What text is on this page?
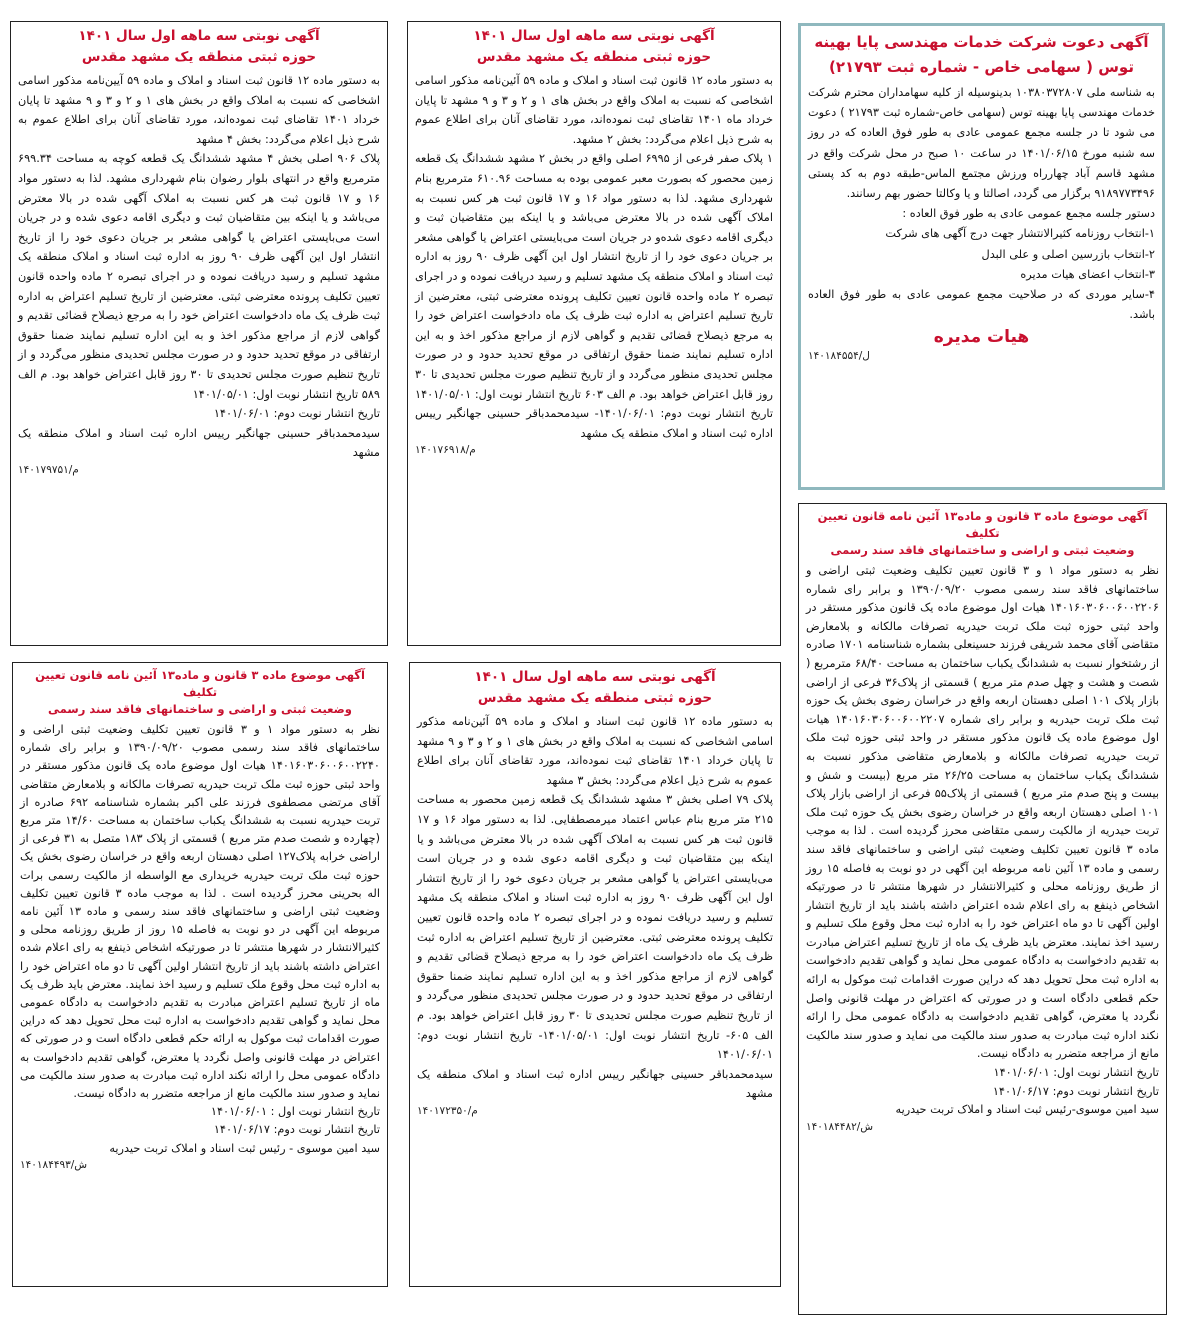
آگهی دعوت شرکت خدمات مهندسی پایا بهینه
توس ( سهامی خاص - شماره ثبت ۲۱۷۹۳)

به شناسه ملی ۱۰۳۸۰۳۷۲۸۰۷ بدینوسیله از کلیه سهامداران محترم شرکت خدمات مهندسی پایا بهینه توس (سهامی خاص-شماره ثبت ۲۱۷۹۳ ) دعوت می شود تا در جلسه مجمع عمومی عادی به طور فوق العاده که در روز سه شنبه مورخ ۱۴۰۱/۰۶/۱۵ در ساعت ۱۰ صبح در محل شرکت واقع در مشهد قاسم آباد چهارراه ورزش مجتمع الماس-طبقه دوم به کد پستی ۹۱۸۹۷۷۳۴۹۶ برگزار می گردد، اصالتا و یا وکالتا حضور بهم رسانند.

دستور جلسه مجمع عمومی عادی به طور فوق العاده :

۱-انتخاب روزنامه کثیرالانتشار جهت درج آگهی های شرکت

۲-انتخاب بازرسین اصلی و علی البدل

۳-انتخاب اعضای هیات مدیره

۴-سایر موردی که در صلاحیت مجمع عمومی عادی به طور فوق العاده باشد.

هیات مدیره
۱۴۰۱۸۴۵۵۴/ل
آگهی نوبتی سه ماهه اول سال ۱۴۰۱
حوزه ثبتی منطقه یک مشهد مقدس

به دستور ماده ۱۲ قانون ثبت اسناد و املاک و ماده ۵۹ آئین‌نامه مذکور اسامی اشخاصی که نسبت به املاک واقع در بخش های ۱ و ۲ و ۳ و ۹ مشهد تا پایان خرداد ماه ۱۴۰۱ تقاضای ثبت نموده‌اند، مورد تقاضای آنان برای اطلاع عموم به شرح ذیل اعلام می‌گردد: بخش ۲ مشهد.

۱ پلاک صفر فرعی از ۶۹۹۵ اصلی واقع در بخش ۲ مشهد ششدانگ یک قطعه زمین محصور که بصورت معبر عمومی بوده به مساحت ۶۱۰.۹۶ مترمربع بنام شهرداری مشهد. لذا به دستور مواد ۱۶ و ۱۷ قانون ثبت هر کس نسبت به املاک آگهی شده در بالا معترض می‌باشد و یا اینکه بین متقاضیان ثبت و دیگری اقامه دعوی شده‌و در جریان است می‌بایستی اعتراض یا گواهی مشعر بر جریان دعوی خود را از تاریخ انتشار اول این آگهی ظرف ۹۰ روز به اداره ثبت اسناد و املاک منطقه یک مشهد تسلیم و رسید دریافت نموده و در اجرای تبصره ۲ ماده واحده قانون تعیین تکلیف پرونده معترضی ثبتی، معترضین از تاریخ تسلیم اعتراض به اداره ثبت ظرف یک ماه دادخواست اعتراض خود را به مرجع ذیصلاح قضائی تقدیم و گواهی لازم از مراجع مذکور اخذ و به این اداره تسلیم نمایند ضمنا حقوق ارتفاقی در موقع تحدید حدود و در صورت مجلس تحدیدی منظور می‌گردد و از تاریخ تنظیم صورت مجلس تحدیدی تا ۳۰ روز قابل اعتراض خواهد بود. م الف ۶۰۳ تاریخ انتشار نوبت اول: ۱۴۰۱/۰۵/۰۱ تاریخ انتشار نوبت دوم: ۱۴۰۱/۰۶/۰۱- سیدمحمدباقر حسینی جهانگیر رییس اداره ثبت اسناد و املاک منطقه یک مشهد

۱۴۰۱۷۶۹۱۸/م
آگهی نوبتی سه ماهه اول سال ۱۴۰۱
حوزه ثبتی منطقه یک مشهد مقدس

به دستور ماده ۱۲ قانون ثبت اسناد و املاک و ماده ۵۹ آیین‌نامه مذکور اسامی اشخاصی که نسبت به املاک واقع در بخش های ۱ و ۲ و ۳ و ۹ مشهد تا پایان خرداد ۱۴۰۱ تقاضای ثبت نموده‌اند، مورد تقاضای آنان برای اطلاع عموم به شرح ذیل اعلام می‌گردد: بخش ۴ مشهد

پلاک ۹۰۶ اصلی بخش ۴ مشهد ششدانگ یک قطعه کوچه به مساحت ۶۹۹.۳۴ مترمربع واقع در انتهای بلوار رضوان بنام شهرداری مشهد. لذا به دستور مواد ۱۶ و ۱۷ قانون ثبت هر کس نسبت به املاک آگهی شده در بالا معترض می‌باشد و یا اینکه بین متقاضیان ثبت و دیگری اقامه دعوی شده و در جریان است می‌بایستی اعتراض یا گواهی مشعر بر جریان دعوی خود را از تاریخ انتشار اول این آگهی ظرف ۹۰ روز به اداره ثبت اسناد و املاک منطقه یک مشهد تسلیم و رسید دریافت نموده و در اجرای تبصره ۲ ماده واحده قانون تعیین تکلیف پرونده معترضی ثبتی. معترضین از تاریخ تسلیم اعتراض به اداره ثبت ظرف یک ماه دادخواست اعتراض خود را به مرجع ذیصلاح قضائی تقدیم و گواهی لازم از مراجع مذکور اخذ و به این اداره تسلیم نمایند ضمنا حقوق ارتفاقی در موقع تحدید حدود و در صورت مجلس تحدیدی منظور می‌گردد و از تاریخ تنظیم صورت مجلس تحدیدی تا ۳۰ روز قابل اعتراض خواهد بود. م الف ۵۸۹ تاریخ انتشار نوبت اول: ۱۴۰۱/۰۵/۰۱

تاریخ انتشار نوبت دوم: ۱۴۰۱/۰۶/۰۱

سیدمحمدباقر حسینی جهانگیر رییس اداره ثبت اسناد و املاک منطقه یک مشهد

۱۴۰۱۷۹۷۵۱/م
آگهی موضوع ماده ۳ قانون و ماده۱۳ آئین نامه قانون تعیین تکلیف
وضعیت ثبتی و اراضی و ساختمانهای فاقد سند رسمی

نظر به دستور مواد ۱ و ۳ قانون تعیین تکلیف وضعیت ثبتی اراضی و ساختمانهای فاقد سند رسمی مصوب ۱۳۹۰/۰۹/۲۰ و برابر رای شماره ۱۴۰۱۶۰۳۰۶۰۰۶۰۰۲۲۰۶ هیات اول موضوع ماده یک قانون مذکور مستقر در واحد ثبتی حوزه ثبت ملک تربت حیدریه تصرفات مالکانه و بلامعارض متقاضی آقای محمد شریفی فرزند حسینعلی بشماره شناسنامه ۱۷۰۱ صادره از رشتخوار نسبت به ششدانگ یکباب ساختمان به مساحت ۶۸/۴۰ مترمربع ( شصت و هشت و چهل صدم متر مربع ) قسمتی از پلاک۳۶ فرعی از اراضی بازار پلاک ۱۰۱ اصلی دهستان اربعه واقع در خراسان رضوی بخش یک حوزه ثبت ملک تربت حیدریه و برابر رای شماره ۱۴۰۱۶۰۳۰۶۰۰۶۰۰۲۲۰۷ هیات اول موضوع ماده یک قانون مذکور مستقر در واحد ثبتی حوزه ثبت ملک تربت حیدریه تصرفات مالکانه و بلامعارض متقاضی مذکور نسبت به ششدانگ یکباب ساختمان به مساحت ۲۶/۲۵ متر مربع (بیست و شش و بیست و پنج صدم متر مربع ) قسمتی از پلاک۵۵ فرعی از اراضی بازار پلاک ۱۰۱ اصلی دهستان اربعه واقع در خراسان رضوی بخش یک حوزه ثبت ملک تربت حیدریه از مالکیت رسمی متقاضی محرز گردیده است . لذا به موجب ماده ۳ قانون تعیین تکلیف وضعیت ثبتی اراضی و ساختمانهای فاقد سند رسمی و ماده ۱۳ آئین نامه مربوطه این آگهی در دو نوبت به فاصله ۱۵ روز از طریق روزنامه محلی و کثیرالانتشار در شهرها منتشر تا در صورتیکه اشخاص ذینفع به رای اعلام شده اعتراض داشته باشند باید از تاریخ انتشار اولین آگهی تا دو ماه اعتراض خود را به اداره ثبت محل وقوع ملک تسلیم و رسید اخذ نمایند. معترض باید ظرف یک ماه از تاریخ تسلیم اعتراض مبادرت به تقدیم دادخواست به دادگاه عمومی محل نماید و گواهی تقدیم دادخواست به اداره ثبت محل تحویل دهد که دراین صورت اقدامات ثبت موکول به ارائه حکم قطعی دادگاه است و در صورتی که اعتراض در مهلت قانونی واصل نگردد یا معترض، گواهی تقدیم دادخواست به دادگاه عمومی محل را ارائه نکند اداره ثبت مبادرت به صدور سند مالکیت می نماید و صدور سند مالکیت مانع از مراجعه متضرر به دادگاه نیست.

تاریخ انتشار نوبت اول: ۱۴۰۱/۰۶/۰۱

تاریخ انتشار نوبت دوم: ۱۴۰۱/۰۶/۱۷

سید امین موسوی-رئیس ثبت اسناد و املاک تربت حیدریه

۱۴۰۱۸۴۴۸۲/ش
آگهی نوبتی سه ماهه اول سال ۱۴۰۱
حوزه ثبتی منطقه یک مشهد مقدس

به دستور ماده ۱۲ قانون ثبت اسناد و املاک و ماده ۵۹ آئین‌نامه مذکور اسامی اشخاصی که نسبت به املاک واقع در بخش های ۱ و ۲ و ۳ و ۹ مشهد تا پایان خرداد ۱۴۰۱ تقاضای ثبت نموده‌اند، مورد تقاضای آنان برای اطلاع عموم به شرح ذیل اعلام می‌گردد: بخش ۳ مشهد

پلاک ۷۹ اصلی بخش ۳ مشهد ششدانگ یک قطعه زمین محصور به مساحت ۲۱۵ متر مربع بنام عباس اعتماد میرمصطفایی. لذا به دستور مواد ۱۶ و ۱۷ قانون ثبت هر کس نسبت به املاک آگهی شده در بالا معترض می‌باشد و یا اینکه بین متقاضیان ثبت و دیگری اقامه دعوی شده و در جریان است می‌بایستی اعتراض یا گواهی مشعر بر جریان دعوی خود را از تاریخ انتشار اول این آگهی ظرف ۹۰ روز به اداره ثبت اسناد و املاک منطقه یک مشهد تسلیم و رسید دریافت نموده و در اجرای تبصره ۲ ماده واحده قانون تعیین تکلیف پرونده معترضی ثبتی. معترضین از تاریخ تسلیم اعتراض به اداره ثبت ظرف یک ماه دادخواست اعتراض خود را به مرجع ذیصلاح قضائی تقدیم و گواهی لازم از مراجع مذکور اخذ و به این اداره تسلیم نمایند ضمنا حقوق ارتفاقی در موقع تحدید حدود و در صورت مجلس تحدیدی منظور می‌گردد و از تاریخ تنظیم صورت مجلس تحدیدی تا ۳۰ روز قابل اعتراض خواهد بود. م الف ۶۰۵- تاریخ انتشار نوبت اول: ۱۴۰۱/۰۵/۰۱- تاریخ انتشار نوبت دوم: ۱۴۰۱/۰۶/۰۱

سیدمحمدباقر حسینی جهانگیر رییس اداره ثبت اسناد و املاک منطقه یک مشهد

۱۴۰۱۷۲۳۵۰/م
آگهی موضوع ماده ۳ قانون و ماده۱۳ آئین نامه قانون تعیین تکلیف
وضعیت ثبتی و اراضی و ساختمانهای فاقد سند رسمی

نظر به دستور مواد ۱ و ۳ قانون تعیین تکلیف وضعیت ثبتی اراضی و ساختمانهای فاقد سند رسمی مصوب ۱۳۹۰/۰۹/۲۰ و برابر رای شماره ۱۴۰۱۶۰۳۰۶۰۰۶۰۰۲۲۴۰ هیات اول موضوع ماده یک قانون مذکور مستقر در واحد ثبتی حوزه ثبت ملک تربت حیدریه تصرفات مالکانه و بلامعارض متقاضی آقای مرتضی مصطفوی فرزند علی اکبر بشماره شناسنامه ۶۹۲ صادره از تربت حیدریه نسبت به ششدانگ یکباب ساختمان به مساحت ۱۴/۶۰ متر مربع (چهارده و شصت صدم متر مربع ) قسمتی از پلاک ۱۸۳ متصل به ۳۱ فرعی از اراضی خرابه پلاک۱۲۷ اصلی دهستان اربعه واقع در خراسان رضوی بخش یک حوزه ثبت ملک تربت حیدریه خریداری مع الواسطه از مالکیت رسمی برات اله بحرینی محرز گردیده است . لذا به موجب ماده ۳ قانون تعیین تکلیف وضعیت ثبتی اراضی و ساختمانهای فاقد سند رسمی و ماده ۱۳ آئین نامه مربوطه این آگهی در دو نوبت به فاصله ۱۵ روز از طریق روزنامه محلی و کثیرالانتشار در شهرها منتشر تا در صورتیکه اشخاص ذینفع به رای اعلام شده اعتراض داشته باشند باید از تاریخ انتشار اولین آگهی تا دو ماه اعتراض خود را به اداره ثبت محل وقوع ملک تسلیم و رسید اخذ نمایند. معترض باید ظرف یک ماه از تاریخ تسلیم اعتراض مبادرت به تقدیم دادخواست به دادگاه عمومی محل نماید و گواهی تقدیم دادخواست به اداره ثبت محل تحویل دهد که دراین صورت اقدامات ثبت موکول به ارائه حکم قطعی دادگاه است و در صورتی که اعتراض در مهلت قانونی واصل نگردد یا معترض، گواهی تقدیم دادخواست به دادگاه عمومی محل را ارائه نکند اداره ثبت مبادرت به صدور سند مالکیت می نماید و صدور سند مالکیت مانع از مراجعه متضرر به دادگاه نیست.

تاریخ انتشار نوبت اول : ۱۴۰۱/۰۶/۰۱

تاریخ انتشار نوبت دوم: ۱۴۰۱/۰۶/۱۷

سید امین موسوی - رئیس ثبت اسناد و املاک تربت حیدریه

۱۴۰۱۸۴۴۹۳/ش
